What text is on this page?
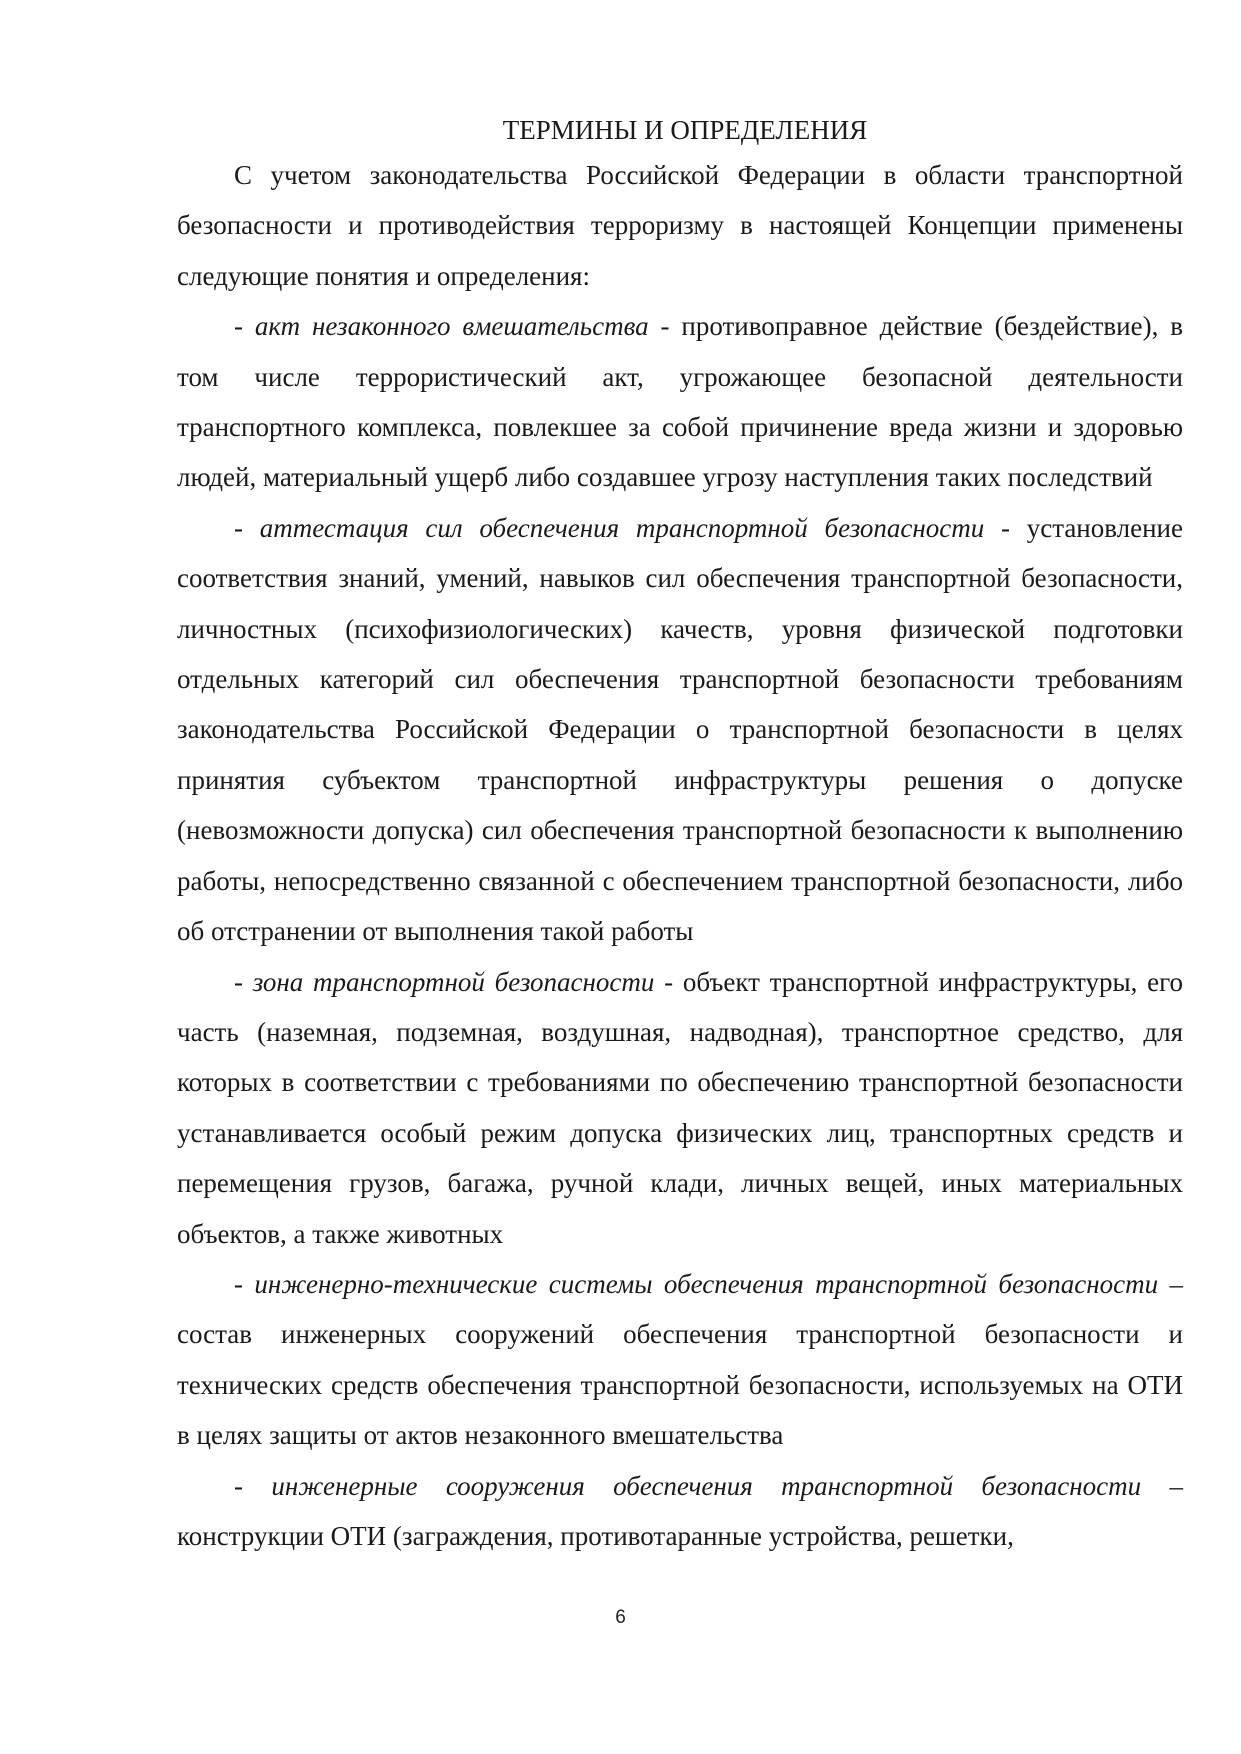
ТЕРМИНЫ И ОПРЕДЕЛЕНИЯ

С учетом законодательства Российской Федерации в области транспортной безопасности и противодействия терроризму в настоящей Концепции применены следующие понятия и определения:

- акт незаконного вмешательства - противоправное действие (бездействие), в том числе террористический акт, угрожающее безопасной деятельности транспортного комплекса, повлекшее за собой причинение вреда жизни и здоровью людей, материальный ущерб либо создавшее угрозу наступления таких последствий

- аттестация сил обеспечения транспортной безопасности - установление соответствия знаний, умений, навыков сил обеспечения транспортной безопасности, личностных (психофизиологических) качеств, уровня физической подготовки отдельных категорий сил обеспечения транспортной безопасности требованиям законодательства Российской Федерации о транспортной безопасности в целях принятия субъектом транспортной инфраструктуры решения о допуске (невозможности допуска) сил обеспечения транспортной безопасности к выполнению работы, непосредственно связанной с обеспечением транспортной безопасности, либо об отстранении от выполнения такой работы

- зона транспортной безопасности - объект транспортной инфраструктуры, его часть (наземная, подземная, воздушная, надводная), транспортное средство, для которых в соответствии с требованиями по обеспечению транспортной безопасности устанавливается особый режим допуска физических лиц, транспортных средств и перемещения грузов, багажа, ручной клади, личных вещей, иных материальных объектов, а также животных

- инженерно-технические системы обеспечения транспортной безопасности – состав инженерных сооружений обеспечения транспортной безопасности и технических средств обеспечения транспортной безопасности, используемых на ОТИ в целях защиты от актов незаконного вмешательства

- инженерные сооружения обеспечения транспортной безопасности – конструкции ОТИ (заграждения, противотаранные устройства, решетки,

6
